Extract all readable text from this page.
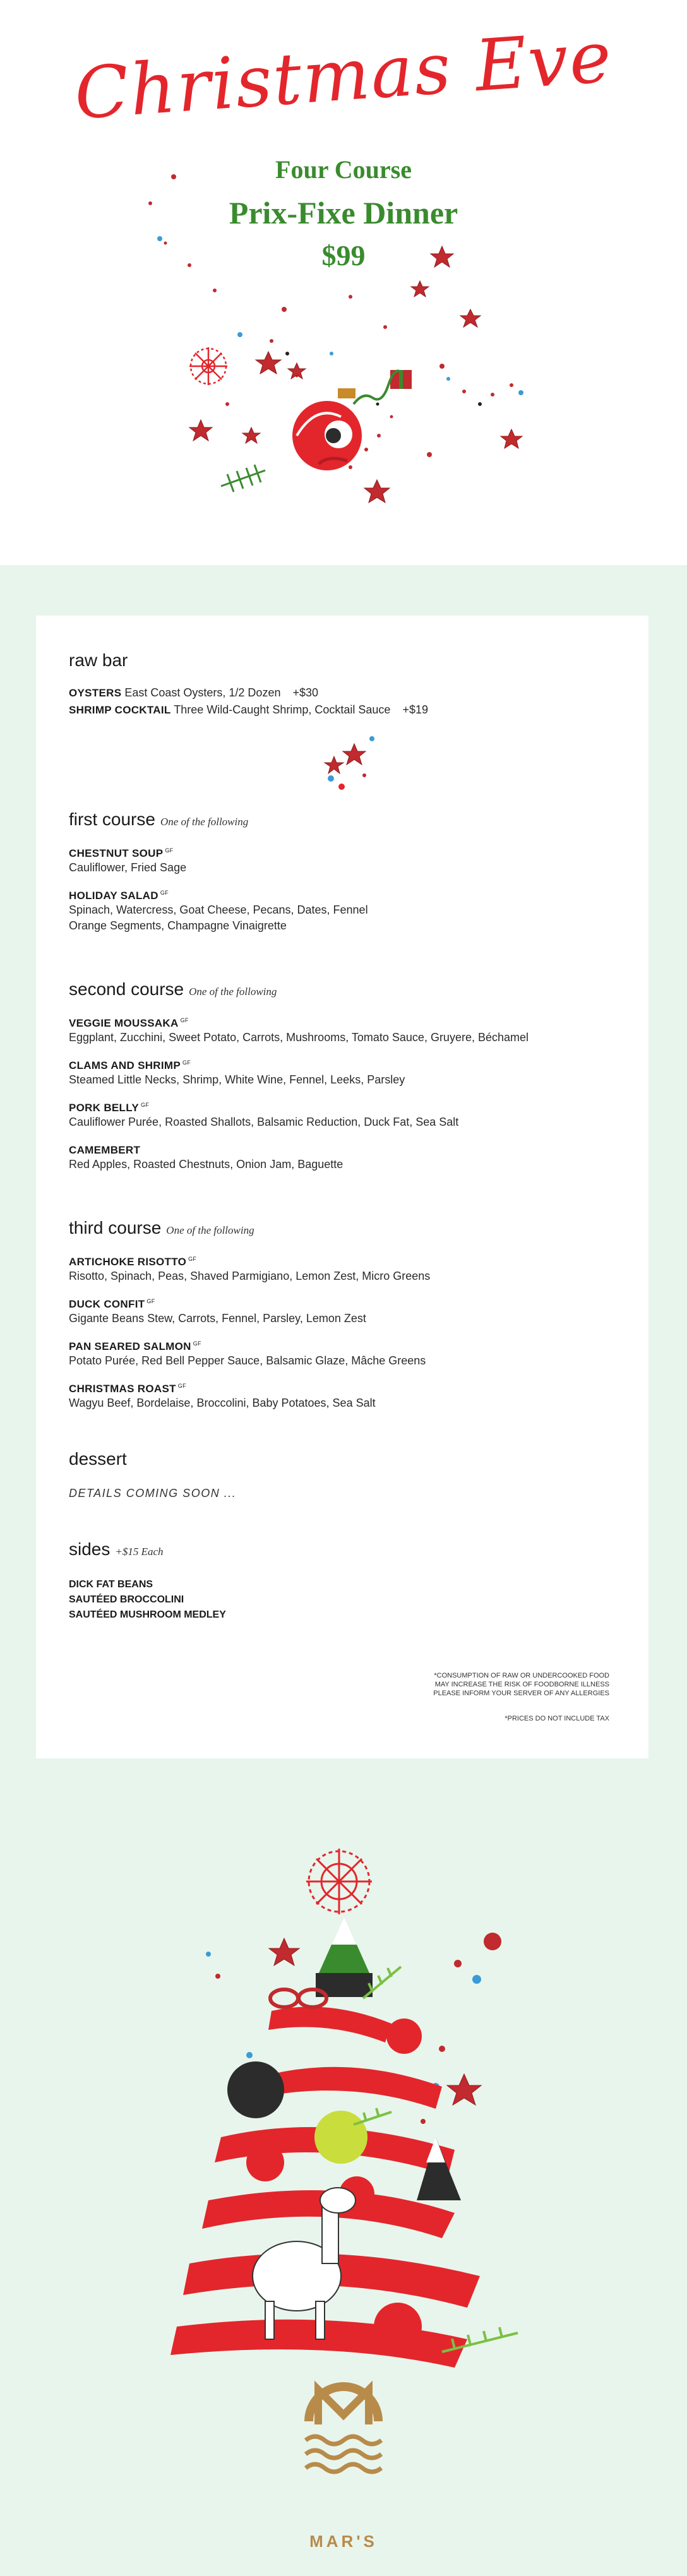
Christmas Eve
Four Course
Prix-Fixe Dinner
$99
raw bar
OYSTERS East Coast Oysters, 1/2 Dozen +$30
SHRIMP COCKTAIL Three Wild-Caught Shrimp, Cocktail Sauce +$19
first course One of the following
CHESTNUT SOUP $^{GF}$
Cauliflower, Fried Sage
HOLIDAY SALAD $^{GF}$
Spinach, Watercress, Goat Cheese, Pecans, Dates, Fennel
Orange Segments, Champagne Vinaigrette
second course One of the following
VEGGIE MOUSSAKA $^{GF}$
Eggplant, Zucchini, Sweet Potato, Carrots, Mushrooms, Tomato Sauce, Gruyere, Béchamel
CLAMS AND SHRIMP $^{GF}$
Steamed Little Necks, Shrimp, White Wine, Fennel, Leeks, Parsley
PORK BELLY $^{GF}$
Cauliflower Purée, Roasted Shallots, Balsamic Reduction, Duck Fat, Sea Salt
CAMEMBERT
Red Apples, Roasted Chestnuts, Onion Jam, Baguette
third course One of the following
ARTICHOKE RISOTTO $^{GF}$
Risotto, Spinach, Peas, Shaved Parmigiano, Lemon Zest, Micro Greens
DUCK CONFIT $^{GF}$
Gigante Beans Stew, Carrots, Fennel, Parsley, Lemon Zest
PAN SEARED SALMON $^{GF}$
Potato Purée, Red Bell Pepper Sauce, Balsamic Glaze, Mâche Greens
CHRISTMAS ROAST $^{GF}$
Wagyu Beef, Bordelaise, Broccolini, Baby Potatoes, Sea Salt
dessert
DETAILS COMING SOON ...
sides +$15 Each
DICK FAT BEANS
SAUTÉED BROCCOLINI
SAUTÉED MUSHROOM MEDLEY
*CONSUMPTION OF RAW OR UNDERCOOKED FOOD
MAY INCREASE THE RISK OF FOODBORNE ILLNESS
PLEASE INFORM YOUR SERVER OF ANY ALLERGIES
*PRICES DO NOT INCLUDE TAX
MAR'S
